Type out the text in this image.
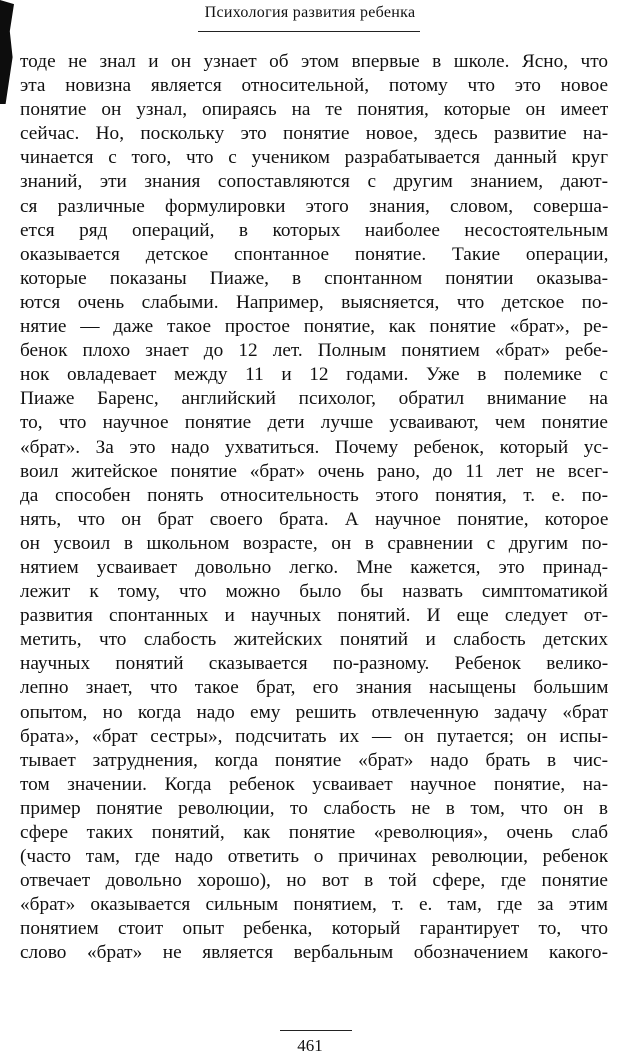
Психология развития ребенка
тоде не знал и он узнает об этом впервые в школе. Ясно, что
эта новизна является относительной, потому что это новое
понятие он узнал, опираясь на те понятия, которые он имеет
сейчас. Но, поскольку это понятие новое, здесь развитие на-
чинается с того, что с учеником разрабатывается данный круг
знаний, эти знания сопоставляются с другим знанием, дают-
ся различные формулировки этого знания, словом, соверша-
ется ряд операций, в которых наиболее несостоятельным
оказывается детское спонтанное понятие. Такие операции,
которые показаны Пиаже, в спонтанном понятии оказыва-
ются очень слабыми. Например, выясняется, что детское по-
нятие — даже такое простое понятие, как понятие «брат», ре-
бенок плохо знает до 12 лет. Полным понятием «брат» ребе-
нок овладевает между 11 и 12 годами. Уже в полемике с
Пиаже Баренс, английский психолог, обратил внимание на
то, что научное понятие дети лучше усваивают, чем понятие
«брат». За это надо ухватиться. Почему ребенок, который ус-
воил житейское понятие «брат» очень рано, до 11 лет не всег-
да способен понять относительность этого понятия, т. е. по-
нять, что он брат своего брата. А научное понятие, которое
он усвоил в школьном возрасте, он в сравнении с другим по-
нятием усваивает довольно легко. Мне кажется, это принад-
лежит к тому, что можно было бы назвать симптоматикой
развития спонтанных и научных понятий. И еще следует от-
метить, что слабость житейских понятий и слабость детских
научных понятий сказывается по-разному. Ребенок велико-
лепно знает, что такое брат, его знания насыщены большим
опытом, но когда надо ему решить отвлеченную задачу «брат
брата», «брат сестры», подсчитать их — он путается; он испы-
тывает затруднения, когда понятие «брат» надо брать в чис-
том значении. Когда ребенок усваивает научное понятие, на-
пример понятие революции, то слабость не в том, что он в
сфере таких понятий, как понятие «революция», очень слаб
(часто там, где надо ответить о причинах революции, ребенок
отвечает довольно хорошо), но вот в той сфере, где понятие
«брат» оказывается сильным понятием, т. е. там, где за этим
понятием стоит опыт ребенка, который гарантирует то, что
слово «брат» не является вербальным обозначением какого-
461
